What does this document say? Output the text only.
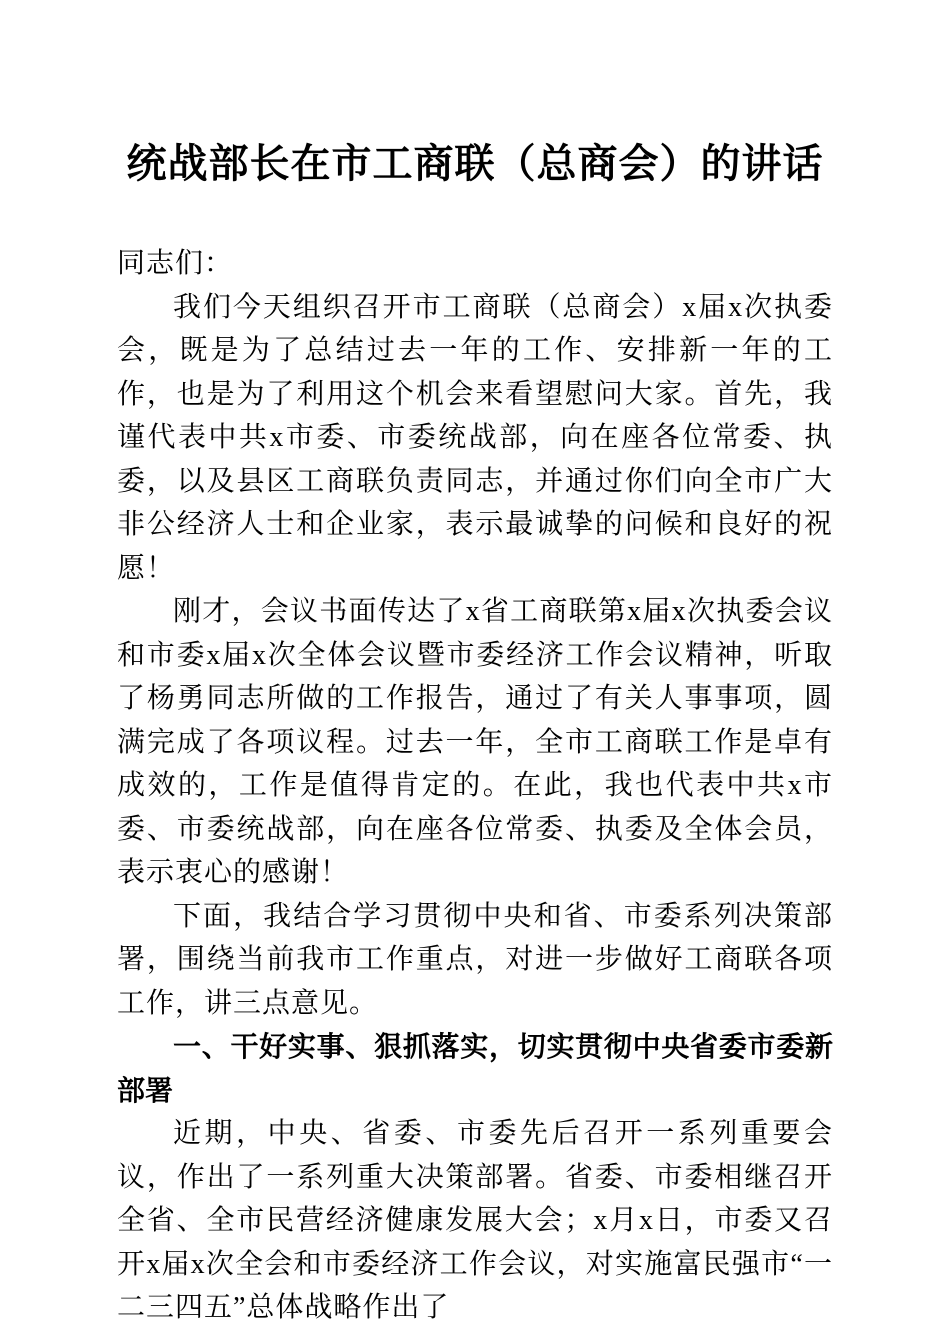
统战部长在市工商联（总商会）的讲话

同志们：

我们今天组织召开市工商联（总商会）x届x次执委会，既是为了总结过去一年的工作、安排新一年的工作，也是为了利用这个机会来看望慰问大家。首先，我谨代表中共x市委、市委统战部，向在座各位常委、执委，以及县区工商联负责同志，并通过你们向全市广大非公经济人士和企业家，表示最诚挚的问候和良好的祝愿！

刚才，会议书面传达了x省工商联第x届x次执委会议和市委x届x次全体会议暨市委经济工作会议精神，听取了杨勇同志所做的工作报告，通过了有关人事事项，圆满完成了各项议程。过去一年，全市工商联工作是卓有成效的，工作是值得肯定的。在此，我也代表中共x市委、市委统战部，向在座各位常委、执委及全体会员，表示衷心的感谢！

下面，我结合学习贯彻中央和省、市委系列决策部署，围绕当前我市工作重点，对进一步做好工商联各项工作，讲三点意见。

一、干好实事、狠抓落实，切实贯彻中央省委市委新部署

近期，中央、省委、市委先后召开一系列重要会议，作出了一系列重大决策部署。省委、市委相继召开全省、全市民营经济健康发展大会；x月x日，市委又召开x届x次全会和市委经济工作会议，对实施富民强市“一二三四五”总体战略作出了
